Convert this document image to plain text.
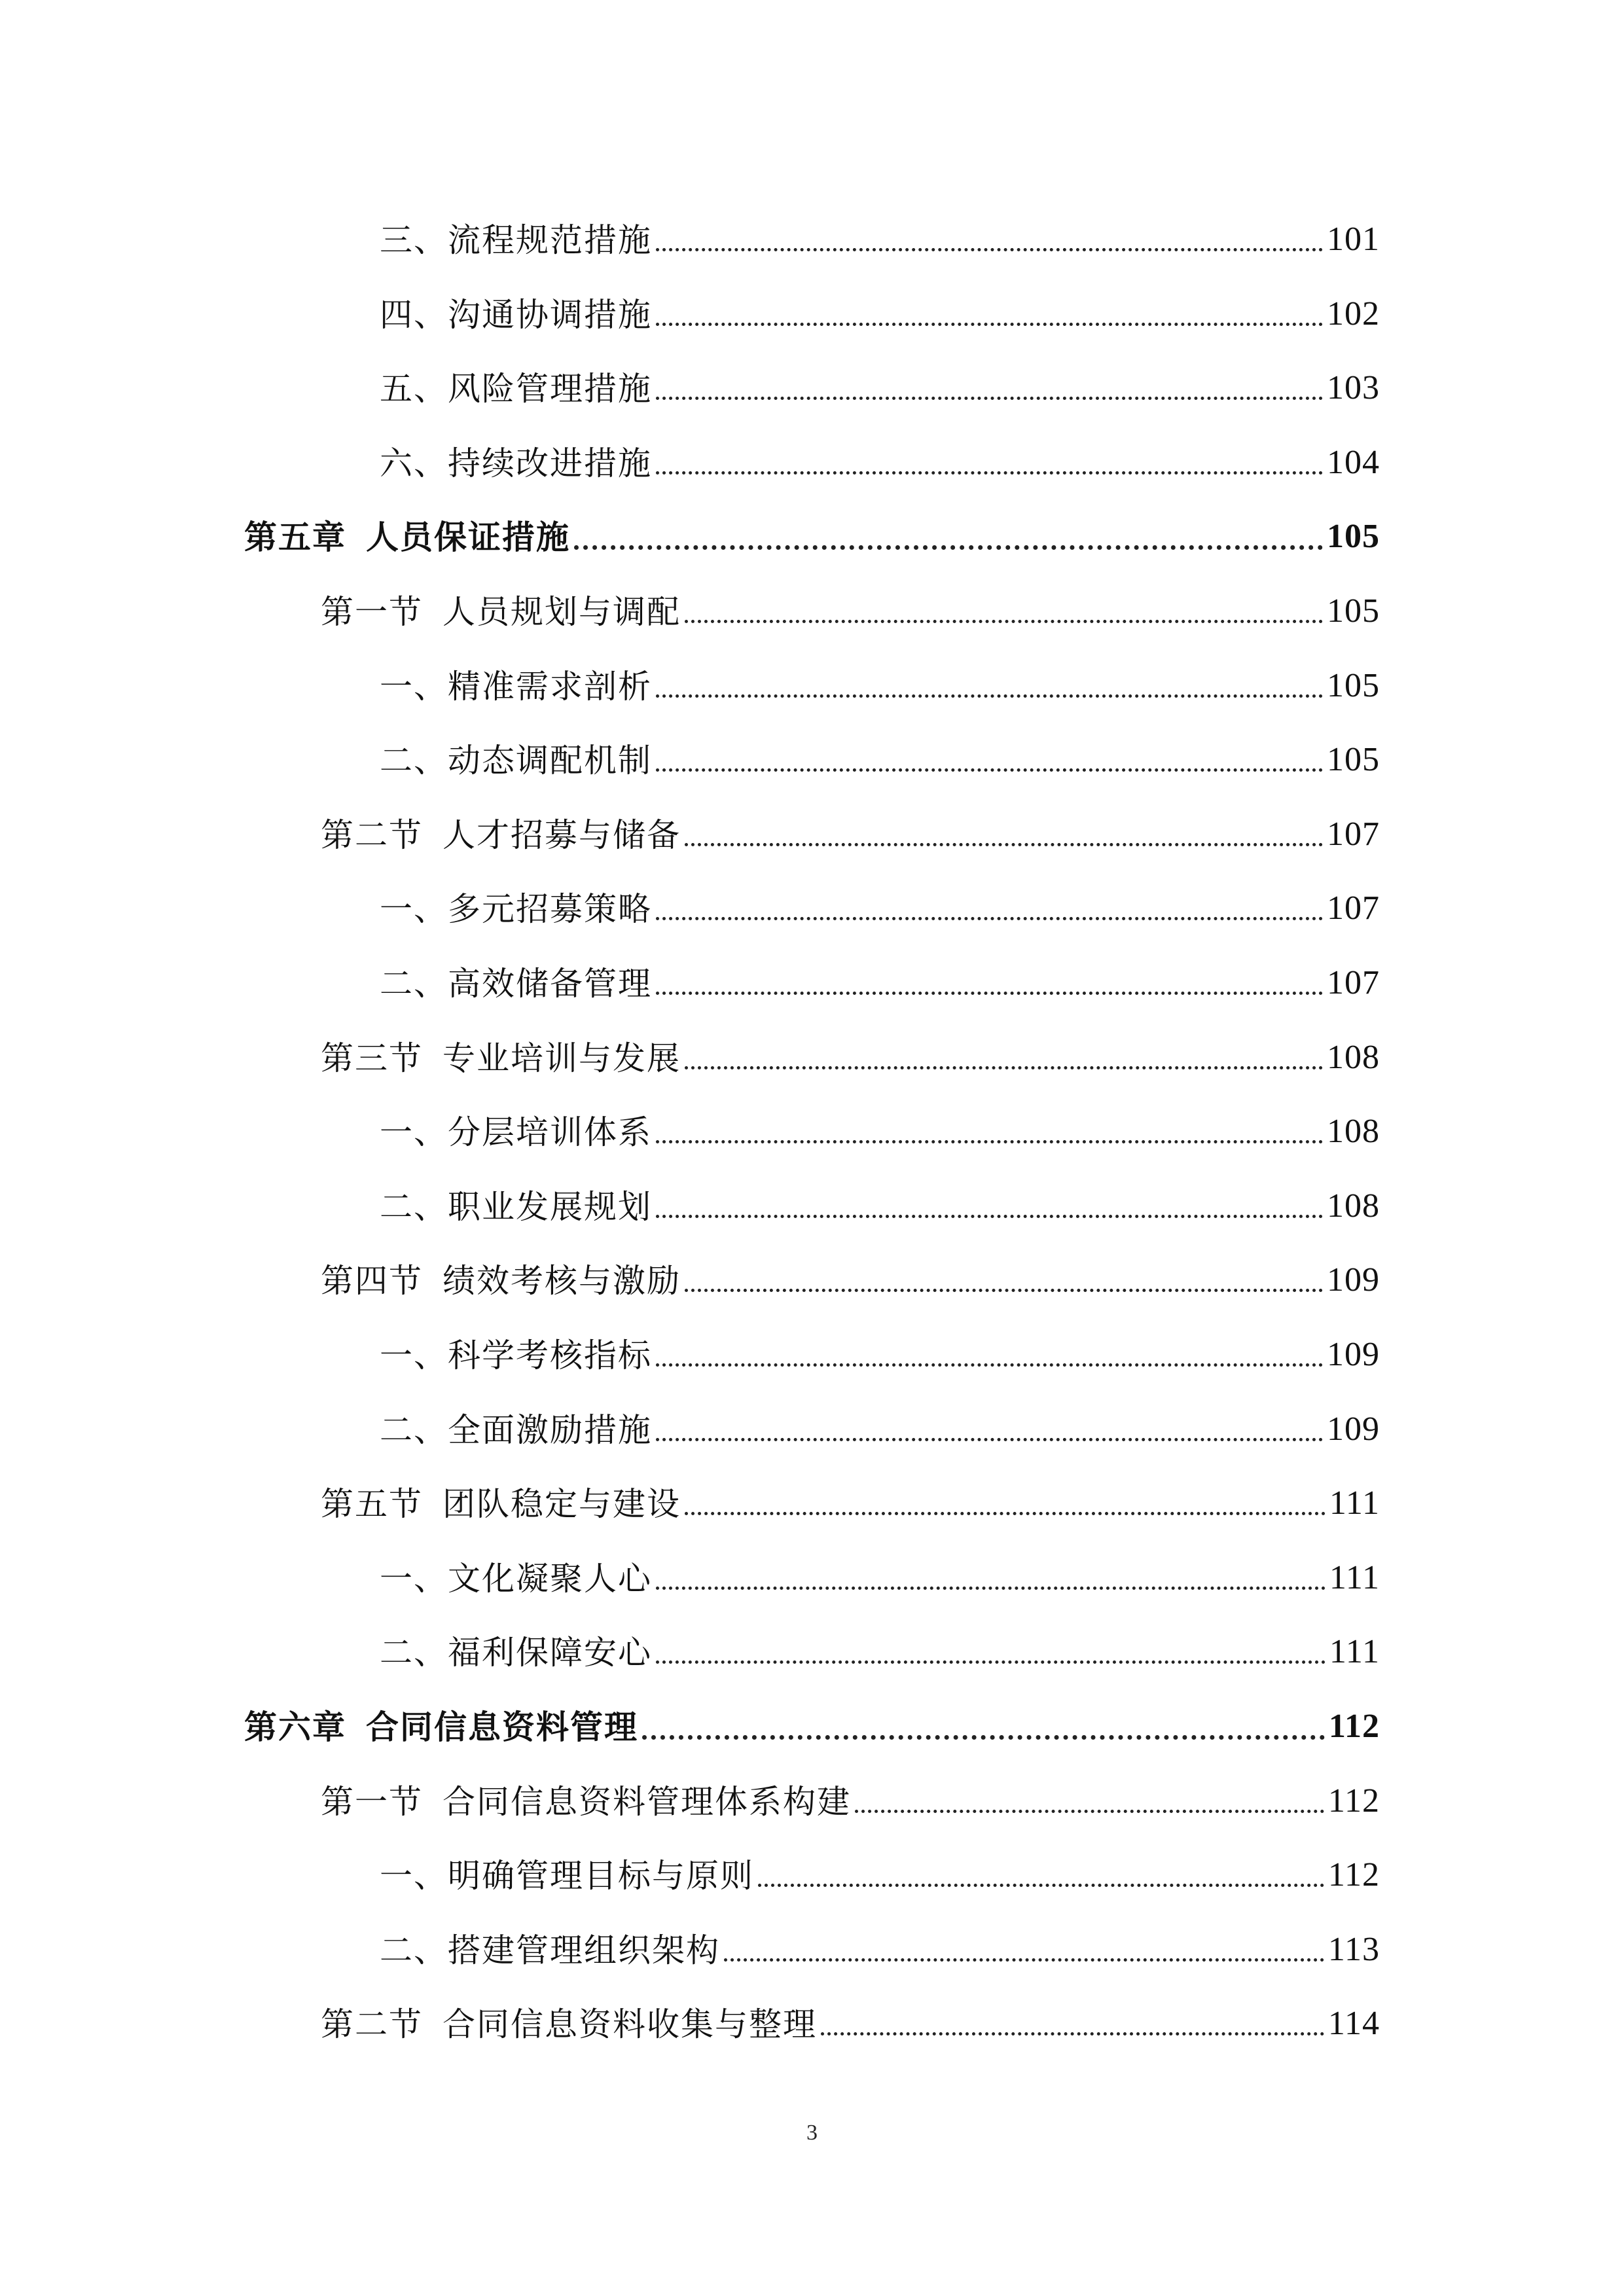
三、流程规范措施	101
四、沟通协调措施	102
五、风险管理措施	103
六、持续改进措施	104
第五章 人员保证措施	105
第一节 人员规划与调配	105
一、精准需求剖析	105
二、动态调配机制	105
第二节 人才招募与储备	107
一、多元招募策略	107
二、高效储备管理	107
第三节 专业培训与发展	108
一、分层培训体系	108
二、职业发展规划	108
第四节 绩效考核与激励	109
一、科学考核指标	109
二、全面激励措施	109
第五节 团队稳定与建设	111
一、文化凝聚人心	111
二、福利保障安心	111
第六章 合同信息资料管理	112
第一节 合同信息资料管理体系构建	112
一、明确管理目标与原则	112
二、搭建管理组织架构	113
第二节 合同信息资料收集与整理	114
3
